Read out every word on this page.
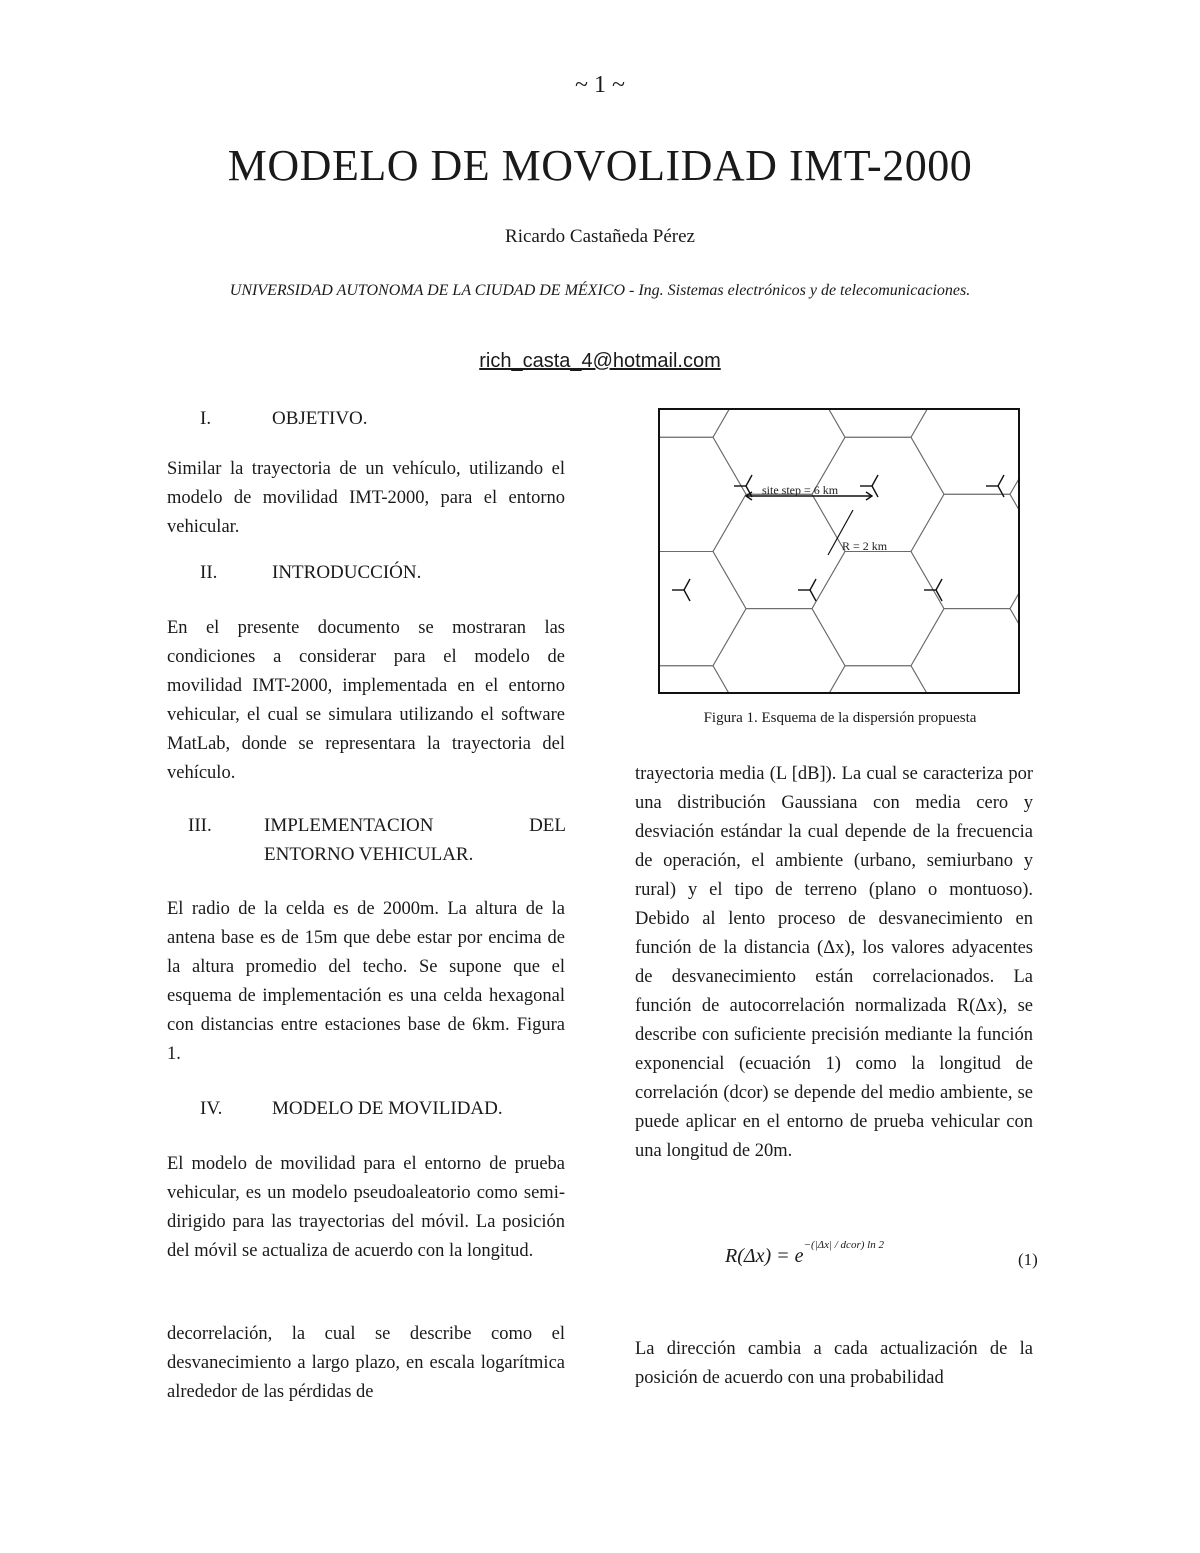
~ 1 ~
MODELO DE MOVOLIDAD IMT-2000
Ricardo Castañeda Pérez
UNIVERSIDAD AUTONOMA DE LA CIUDAD DE MÉXICO - Ing. Sistemas electrónicos y de telecomunicaciones.
rich_casta_4@hotmail.com
I.	OBJETIVO.
Similar la trayectoria de un vehículo, utilizando el modelo de movilidad IMT-2000, para el entorno vehicular.
II.	INTRODUCCIÓN.
En el presente documento se mostraran las condiciones a considerar para el modelo de movilidad IMT-2000, implementada en el entorno vehicular, el cual se simulara utilizando el software MatLab, donde se representara la trayectoria del vehículo.
III.	IMPLEMENTACION DEL ENTORNO VEHICULAR.
El radio de la celda es de 2000m. La altura de la antena base es de 15m que debe estar por encima de la altura promedio del techo. Se supone que el esquema de implementación es una celda hexagonal con distancias entre estaciones base de 6km. Figura 1.
IV.	MODELO DE MOVILIDAD.
El modelo de movilidad para el entorno de prueba vehicular, es un modelo pseudoaleatorio como semi-dirigido para las trayectorias del móvil. La posición del móvil se actualiza de acuerdo con la longitud.
decorrelación, la cual se describe como el desvanecimiento a largo plazo, en escala logarítmica alrededor de las pérdidas de
site step = 6 km
R = 2 km
Figura 1. Esquema de la dispersión propuesta
trayectoria media (L [dB]). La cual se caracteriza por una distribución Gaussiana con media cero y desviación estándar la cual depende de la frecuencia de operación, el ambiente (urbano, semiurbano y rural) y el tipo de terreno (plano o montuoso). Debido al lento proceso de desvanecimiento en función de la distancia (Δx), los valores adyacentes de desvanecimiento están correlacionados. La función de autocorrelación normalizada R(Δx), se describe con suficiente precisión mediante la función exponencial (ecuación 1) como la longitud de correlación (dcor) se depende del medio ambiente, se puede aplicar en el entorno de prueba vehicular con una longitud de 20m.
$R(\Delta x) = e^{-(|\Delta x| / dcor) ln 2}$
(1)
La dirección cambia a cada actualización de la posición de acuerdo con una probabilidad
